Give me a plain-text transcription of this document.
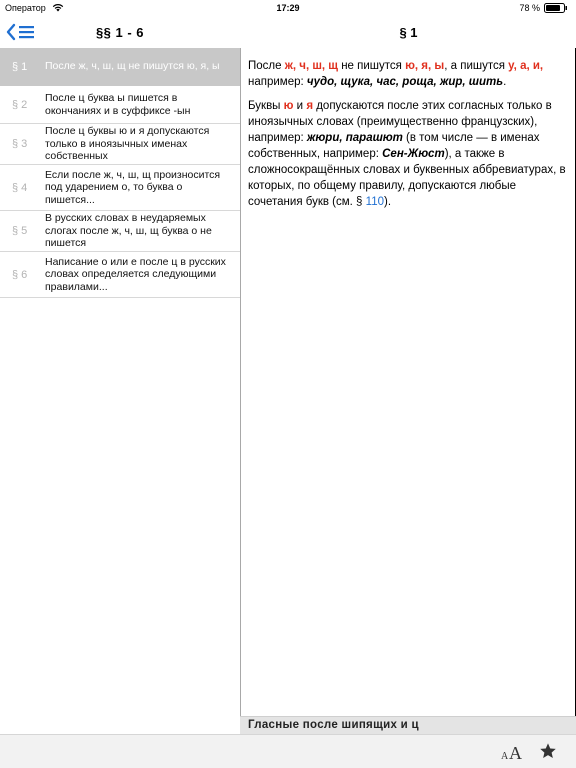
Оператор	17:29	78 %
§§ 1 - 6
§ 1	После ж, ч, ш, щ не пишутся ю, я, ы
§ 2
После ц буква ы пишется в окончаниях и в суффиксе -ын
§ 3
После ц буквы ю и я допускаются только в иноязычных именах собственных
§ 4
Если после ж, ч, ш, щ произносится под ударением о, то буква о пишется...
§ 5
В русских словах в неударяемых слогах после ж, ч, ш, щ буква о не пишется
§ 6
Написание о или е после ц в русских словах определяется следующими правилами...
§ 1

После ж, ч, ш, щ не пишутся ю, я, ы, а пишутся у, а, и, например: чудо, щука, час, роща, жир, шить.

Буквы ю и я допускаются после этих согласных только в иноязычных словах (преимущественно французских), например: жюри, парашют (в том числе — в именах собственных, например: Сен-Жюст), а также в сложносокращённых словах и буквенных аббревиатурах, в которых, по общему правилу, допускаются любые сочетания букв (см. § 110).

Гласные после шипящих и ц
A A
